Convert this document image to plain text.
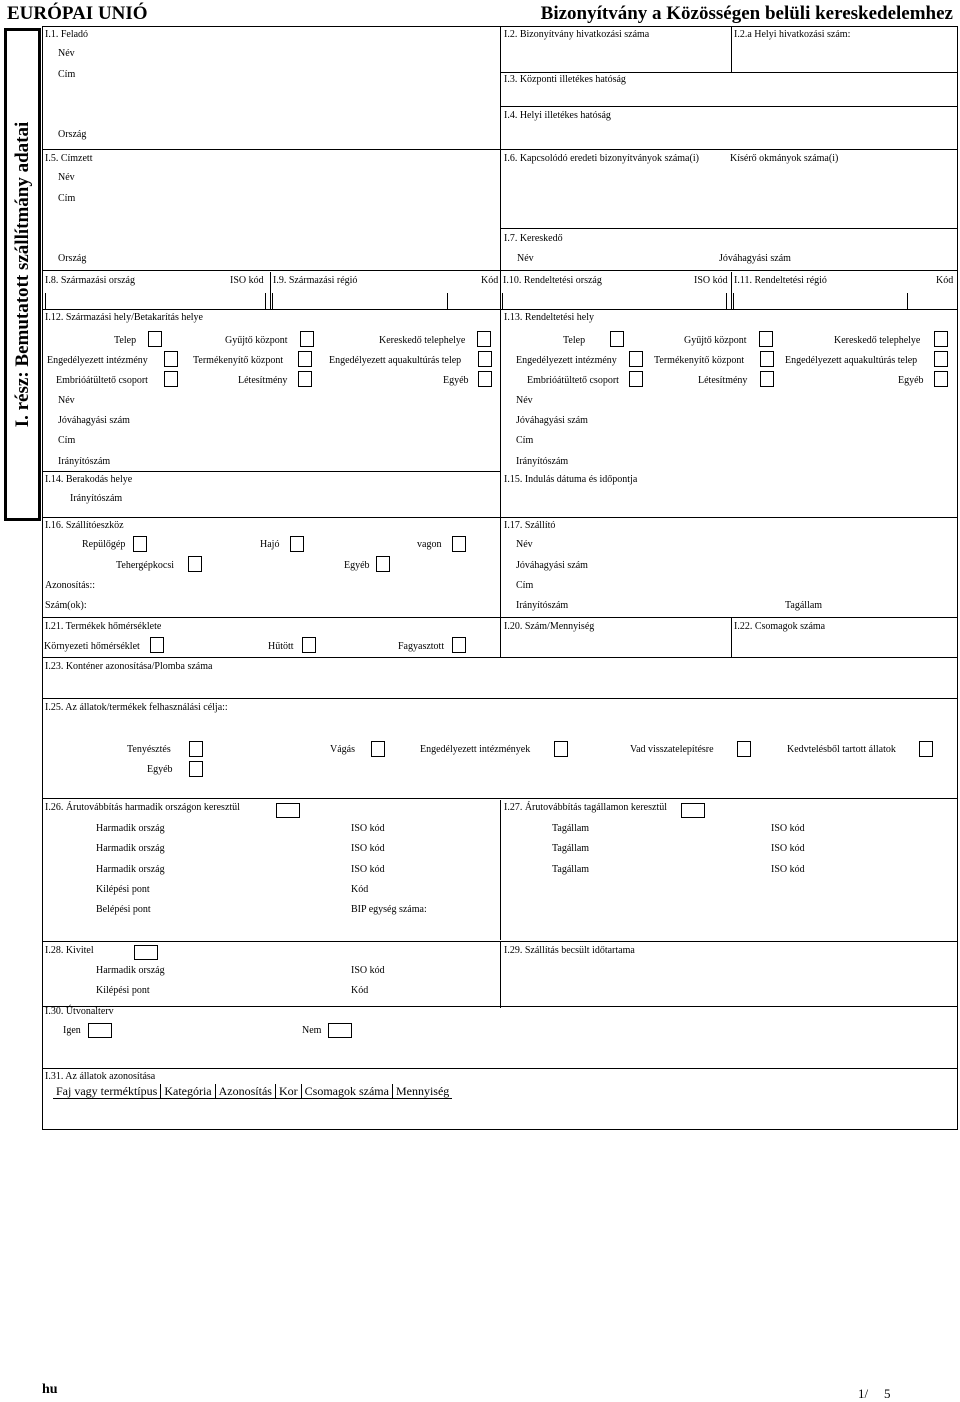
EURÓPAI UNIÓ	Bizonyítvány a Közösségen belüli kereskedelemhez
I. rész: Bemutatott szállítmány adatai
I.1. Feladó
Név
Cím
Ország
I.5. Címzett
Név
Cím
Ország
I.2. Bizonyítvány hivatkozási száma	I.2.a Helyi hivatkozási szám:
I.3. Központi illetékes hatóság
I.4. Helyi illetékes hatóság
I.6. Kapcsolódó eredeti bizonyítványok száma(i)	Kísérő okmányok száma(i)
I.7. Kereskedő
Név	Jóváhagyási szám
I.8. Származási ország	ISO kód I.9. Származási régió	Kód I.10. Rendeltetési ország	ISO kód I.11. Rendeltetési régió	Kód
I.12. Származási hely/Betakarítás helye
Telep	Gyűjtő központ	Kereskedő telephelye
Engedélyezett intézmény	Termékenyítő központ	Engedélyezett aquakultúrás telep
Embrióátültető csoport	Létesítmény	Egyéb
Név
Jóváhagyási szám
Cím
Irányítószám
I.13. Rendeltetési hely
Telep	Gyűjtő központ	Kereskedő telephelye
Engedélyezett intézmény	Termékenyítő központ	Engedélyezett aquakultúrás telep
Embrióátültető csoport	Létesítmény	Egyéb
Név
Jóváhagyási szám
Cím
Irányítószám
I.14. Berakodás helye
Irányítószám
I.15. Indulás dátuma és időpontja
I.16. Szállítóeszköz
Repülőgép	Hajó	vagon
Tehergépkocsi	Egyéb
Azonosítás::
Szám(ok):
I.17. Szállító
Név
Jóváhagyási szám
Cím
Irányítószám	Tagállam
I.21. Termékek hőmérséklete
Környezeti hőmérséklet	Hűtött	Fagyasztott
I.20. Szám/Mennyiség	I.22. Csomagok száma
I.23. Konténer azonosítása/Plomba száma
I.25. Az állatok/termékek felhasználási célja::
Tenyésztés	Vágás	Engedélyezett intézmények	Vad visszatelepítésre	Kedvtelésből tartott állatok
Egyéb
I.26. Árutovábbítás harmadik országon keresztül
Harmadik ország	ISO kód
Harmadik ország	ISO kód
Harmadik ország	ISO kód
Kilépési pont	Kód
Belépési pont	BIP egység száma:
I.27. Árutovábbítás tagállamon keresztül
Tagállam	ISO kód
Tagállam	ISO kód
Tagállam	ISO kód
I.28. Kivitel
Harmadik ország	ISO kód
Kilépési pont	Kód
I.29. Szállítás becsült időtartama
I.30. Útvonalterv
Igen	Nem
I.31. Az állatok azonosítása
Faj vagy terméktípus	Kategória	Azonosítás	Kor	Csomagok száma	Mennyiség
hu	1/ 5
